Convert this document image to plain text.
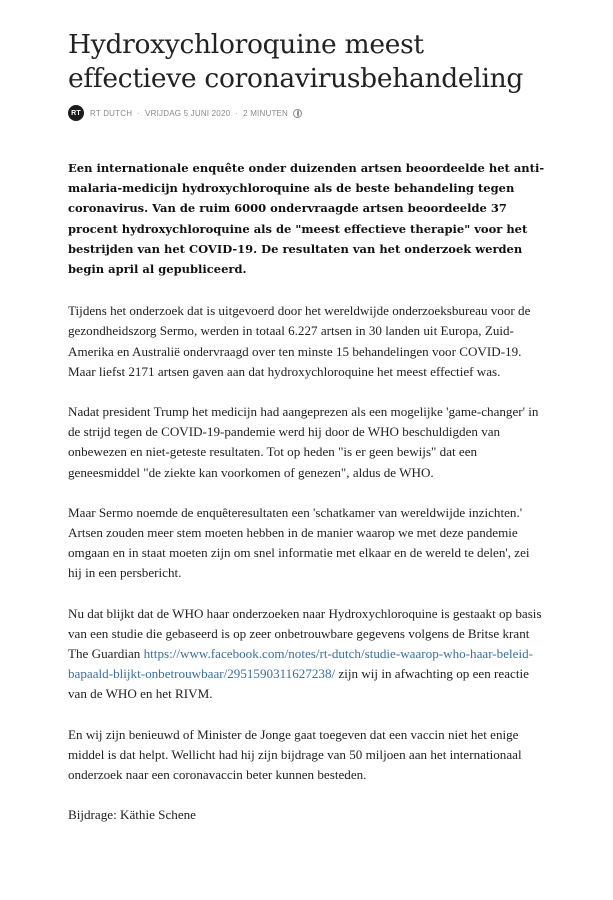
Hydroxychloroquine meest effectieve coronavirusbehandeling
RT RT DUTCH · VRIJDAG 5 JUNI 2020 · 2 MINUTEN

Een internationale enquête onder duizenden artsen beoordeelde het anti-malaria-medicijn hydroxychloroquine als de beste behandeling tegen coronavirus. Van de ruim 6000 ondervraagde artsen beoordeelde 37 procent hydroxychloroquine als de "meest effectieve therapie" voor het bestrijden van het COVID-19. De resultaten van het onderzoek werden begin april al gepubliceerd.

Tijdens het onderzoek dat is uitgevoerd door het wereldwijde onderzoeksbureau voor de gezondheidszorg Sermo, werden in totaal 6.227 artsen in 30 landen uit Europa, Zuid-Amerika en Australië ondervraagd over ten minste 15 behandelingen voor COVID-19. Maar liefst 2171 artsen gaven aan dat hydroxychloroquine het meest effectief was.

Nadat president Trump het medicijn had aangeprezen als een mogelijke 'game-changer' in de strijd tegen de COVID-19-pandemie werd hij door de WHO beschuldigden van onbewezen en niet-geteste resultaten. Tot op heden "is er geen bewijs" dat een geneesmiddel "de ziekte kan voorkomen of genezen", aldus de WHO.

Maar Sermo noemde de enquêteresultaten een 'schatkamer van wereldwijde inzichten.' Artsen zouden meer stem moeten hebben in de manier waarop we met deze pandemie omgaan en in staat moeten zijn om snel informatie met elkaar en de wereld te delen', zei hij in een persbericht.

Nu dat blijkt dat de WHO haar onderzoeken naar Hydroxychloroquine is gestaakt op basis van een studie die gebaseerd is op zeer onbetrouwbare gegevens volgens de Britse krant The Guardian https://www.facebook.com/notes/rt-dutch/studie-waarop-who-haar-beleid-bapaald-blijkt-onbetrouwbaar/2951590311627238/ zijn wij in afwachting op een reactie van de WHO en het RIVM.

En wij zijn benieuwd of Minister de Jonge gaat toegeven dat een vaccin niet het enige middel is dat helpt. Wellicht had hij zijn bijdrage van 50 miljoen aan het internationaal onderzoek naar een coronavaccin beter kunnen besteden.

Bijdrage: Käthie Schene
